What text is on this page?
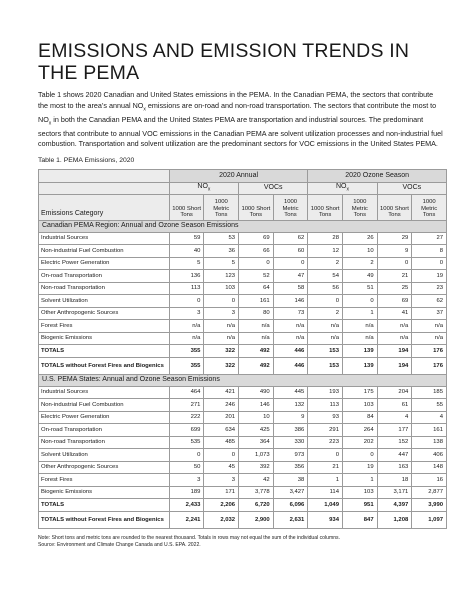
EMISSIONS AND EMISSION TRENDS IN
THE PEMA

Table 1 shows 2020 Canadian and United States emissions in the PEMA. In the Canadian PEMA, the sectors that contribute the most to the area’s annual $NO_x$ emissions are on-road and non-road transportation. The sectors that contribute the most to $NO_x$ in both the Canadian PEMA and the United States PEMA are transportation and industrial sources. The predominant sectors that contribute to annual VOC emissions in the Canadian PEMA are solvent utilization processes and non-industrial fuel combustion. Transportation and solvent utilization are the predominant sectors for VOC emissions in the United States PEMA.

Table 1. PEMA Emissions, 2020

	2020 Annual				2020 Ozone Season			
	$NO_x$		VOCs		$NO_x$		VOCs	
Emissions Category	1000 Short Tons	1000 Metric Tons	1000 Short Tons	1000 Metric Tons	1000 Short Tons	1000 Metric Tons	1000 Short Tons	1000 Metric Tons
Canadian PEMA Region: Annual and Ozone Season Emissions								
Industrial Sources	59	53	69	62	28	26	29	27
Non-industrial Fuel Combustion	40	36	66	60	12	10	9	8
Electric Power Generation	5	5	0	0	2	2	0	0
On-road Transportation	136	123	52	47	54	49	21	19
Non-road Transportation	113	103	64	58	56	51	25	23
Solvent Utilization	0	0	161	146	0	0	69	62
Other Anthropogenic Sources	3	3	80	73	2	1	41	37
Forest Fires	n/a	n/a	n/a	n/a	n/a	n/a	n/a	n/a
Biogenic Emissions	n/a	n/a	n/a	n/a	n/a	n/a	n/a	n/a
TOTALS	355	322	492	446	153	139	194	176
TOTALS without Forest Fires and Biogenics	355	322	492	446	153	139	194	176
U.S. PEMA States: Annual and Ozone Season Emissions								
Industrial Sources	464	421	490	445	193	175	204	185
Non-industrial Fuel Combustion	271	246	146	132	113	103	61	55
Electric Power Generation	222	201	10	9	93	84	4	4
On-road Transportation	699	634	425	386	291	264	177	161
Non-road Transportation	535	485	364	330	223	202	152	138
Solvent Utilization	0	0	1,073	973	0	0	447	406
Other Anthropogenic Sources	50	45	392	356	21	19	163	148
Forest Fires	3	3	42	38	1	1	18	16
Biogenic Emissions	189	171	3,778	3,427	114	103	3,171	2,877
TOTALS	2,433	2,206	6,720	6,096	1,049	951	4,397	3,990
TOTALS without Forest Fires and Biogenics	2,241	2,032	2,900	2,631	934	847	1,208	1,097

Note: Short tons and metric tons are rounded to the nearest thousand. Totals in rows may not equal the sum of the individual columns.
Source: Environment and Climate Change Canada and U.S. EPA. 2022.
